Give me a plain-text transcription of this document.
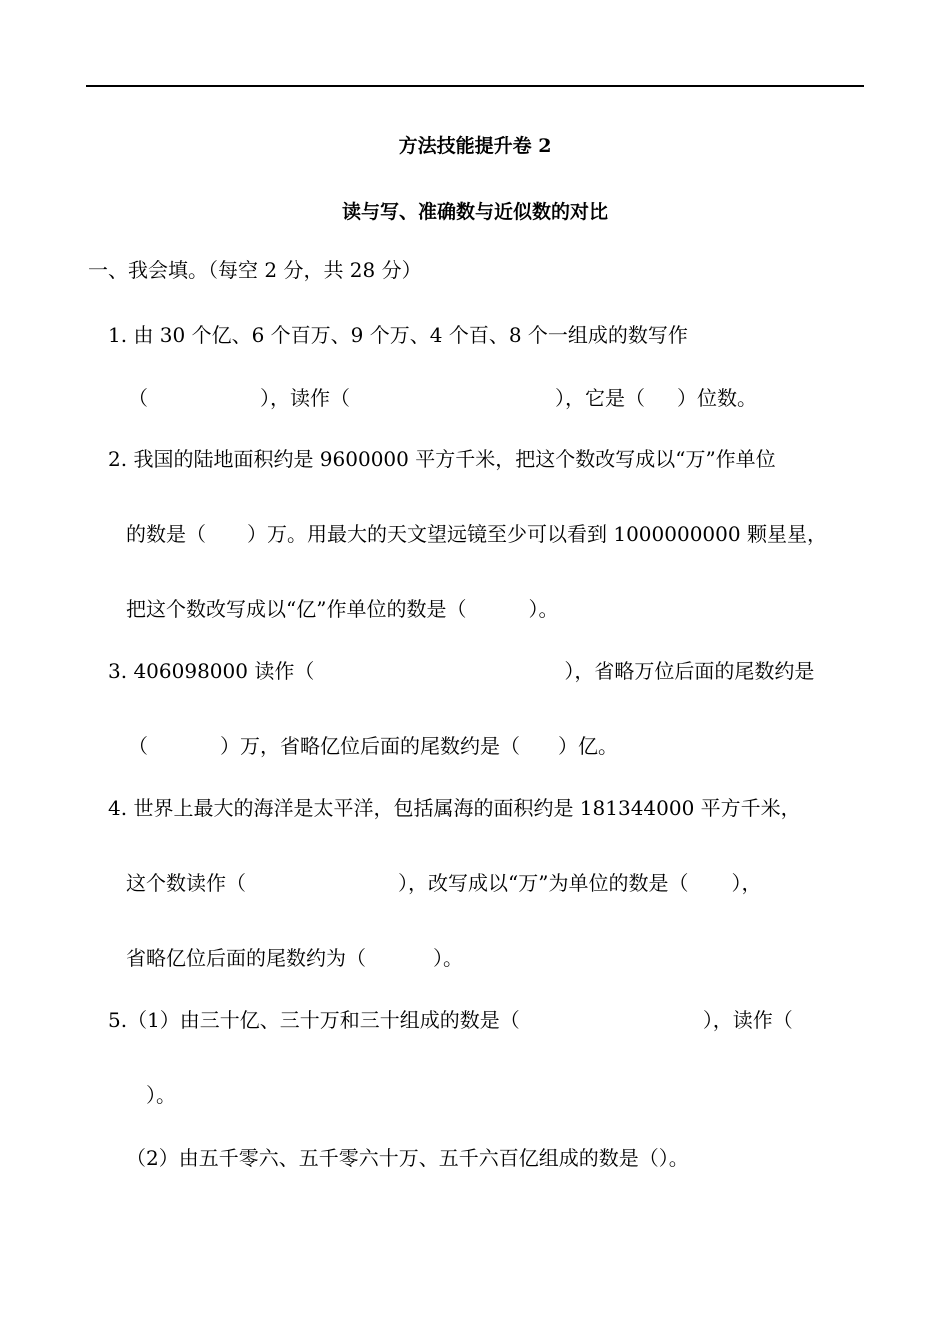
方法技能提升卷 2
读与写、准确数与近似数的对比
一、我会填。（每空 2 分，共 28 分）
1. 由 30 个亿、6 个百万、9 个万、4 个百、8 个一组成的数写作
（	），读作（	），它是（ ）位数。
2. 我国的陆地面积约是 9600000 平方千米，把这个数改写成以“万”作单位
的数是（ ）万。用最大的天文望远镜至少可以看到 1000000000 颗星星，
把这个数改写成以“亿”作单位的数是（	）。
3. 406098000 读作（	），省略万位后面的尾数约是
（	）万，省略亿位后面的尾数约是（ ）亿。
4. 世界上最大的海洋是太平洋，包括属海的面积约是 181344000 平方千米，
这个数读作（	），改写成以“万”为单位的数是（ ），
省略亿位后面的尾数约为（	）。
5.（1）由三十亿、三十万和三十组成的数是（	），读作（
）。
（2）由五千零六、五千零六十万、五千六百亿组成的数是（）。
